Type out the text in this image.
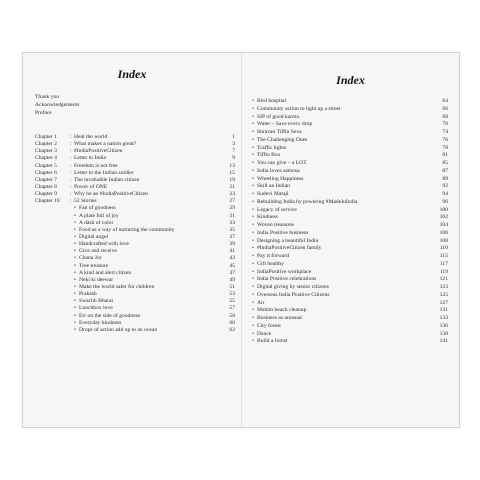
Index
Thank you
Acknowledgements
Preface
Chapter 1 : Heal the world	1
Chapter 2 : What makes a nation great?	3
Chapter 3 : #IndiaPositiveCitizen	7
Chapter 4 : Letter to India	9
Chapter 5 : Freedom is not free	13
Chapter 6 : Letter to the Indian soldier	15
Chapter 7 : The invaluable Indian citizen	19
Chapter 8 : Power of ONE	21
Chapter 9 : Why be an #IndiaPositiveCitizen	23
Chapter 10 : 52 Stories	27
• Fan of goodness	29
• A plate full of joy	31
• A dash of color	33
• Food as a way of nurturing the community	35
• Digital angel	37
• Handcrafted with love	39
• Give and receive	41
• Chana Jor	43
• Tree treasure	45
• A kind and alert citizen	47
• Neki ki deewar	49
• Make the world safer for children	51
• Prakash	53
• Swachh Bharat	55
• Lunchbox love	57
• Err on the side of goodness	58
• Everyday kindness	60
• Drops of action add up to an ocean	62
Index
• Bird hospital	64
• Community action to light up a street	66
• SIP of good karma	68
• Water – Save every drop	70
• Shravan Tiffin Seva	74
• The Challenging Ones	76
• Traffic lights	78
• Tiffin Box	81
• You can give – a LOT	85
• India loves samosa	87
• Wheeling Happiness	89
• Skill an Indian	92
• Sudevi Mataji	94
• Rebuilding India by powering #MadeInIndia	96
• Legacy of service	100
• Kindness	102
• Woven treasures	104
• India Positive business	106
• Designing a beautiful India	108
• #IndiaPositiveCitizen family	110
• Pay it forward	115
• Gift healthy	117
• IndiaPositive workplace	119
• India Positive celebrations	121
• Digital giving by senior citizens	123
• Overseas India Positive Citizens	125
• Air	127
• Mahim beach cleanup	131
• Business as unusual	133
• City forest	136
• Dance	138
• Build a forest	141
